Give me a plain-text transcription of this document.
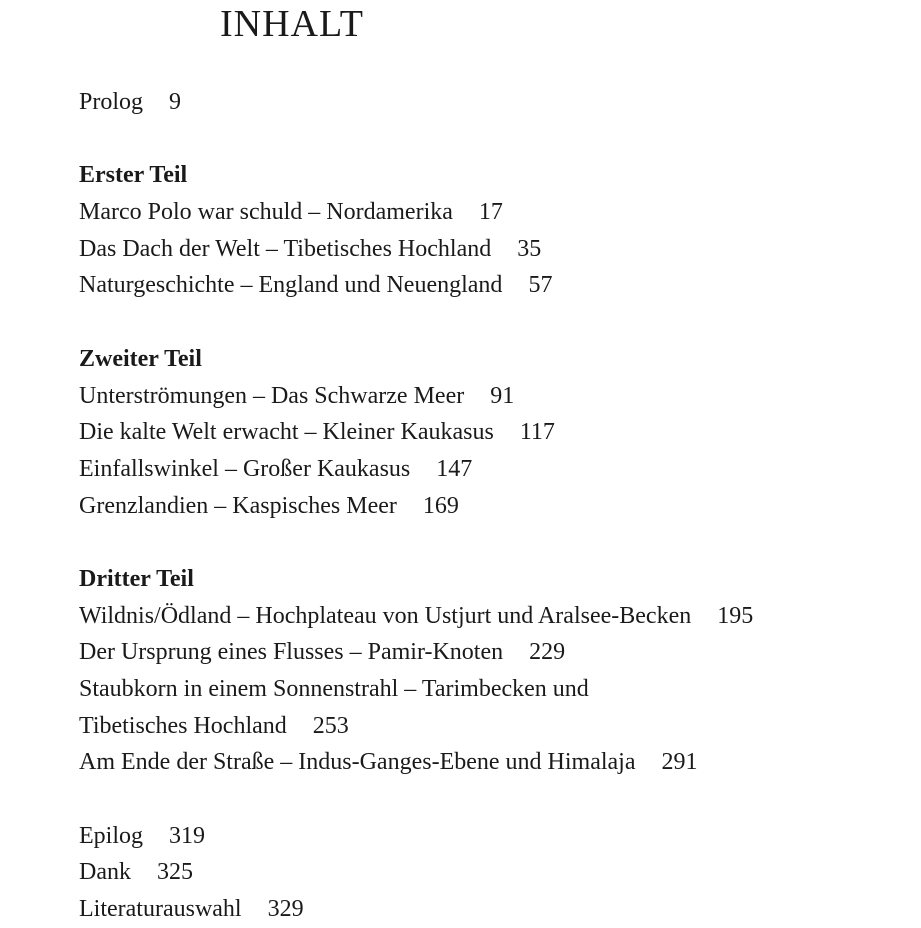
INHALT
Prolog 9
Erster Teil
Marco Polo war schuld – Nordamerika 17
Das Dach der Welt – Tibetisches Hochland 35
Naturgeschichte – England und Neuengland 57
Zweiter Teil
Unterströmungen – Das Schwarze Meer 91
Die kalte Welt erwacht – Kleiner Kaukasus 117
Einfallswinkel – Großer Kaukasus 147
Grenzlandien – Kaspisches Meer 169
Dritter Teil
Wildnis/Ödland – Hochplateau von Ustjurt und Aralsee-Becken 195
Der Ursprung eines Flusses – Pamir-Knoten 229
Staubkorn in einem Sonnenstrahl – Tarimbecken und
Tibetisches Hochland 253
Am Ende der Straße – Indus-Ganges-Ebene und Himalaja 291
Epilog 319
Dank 325
Literaturauswahl 329
